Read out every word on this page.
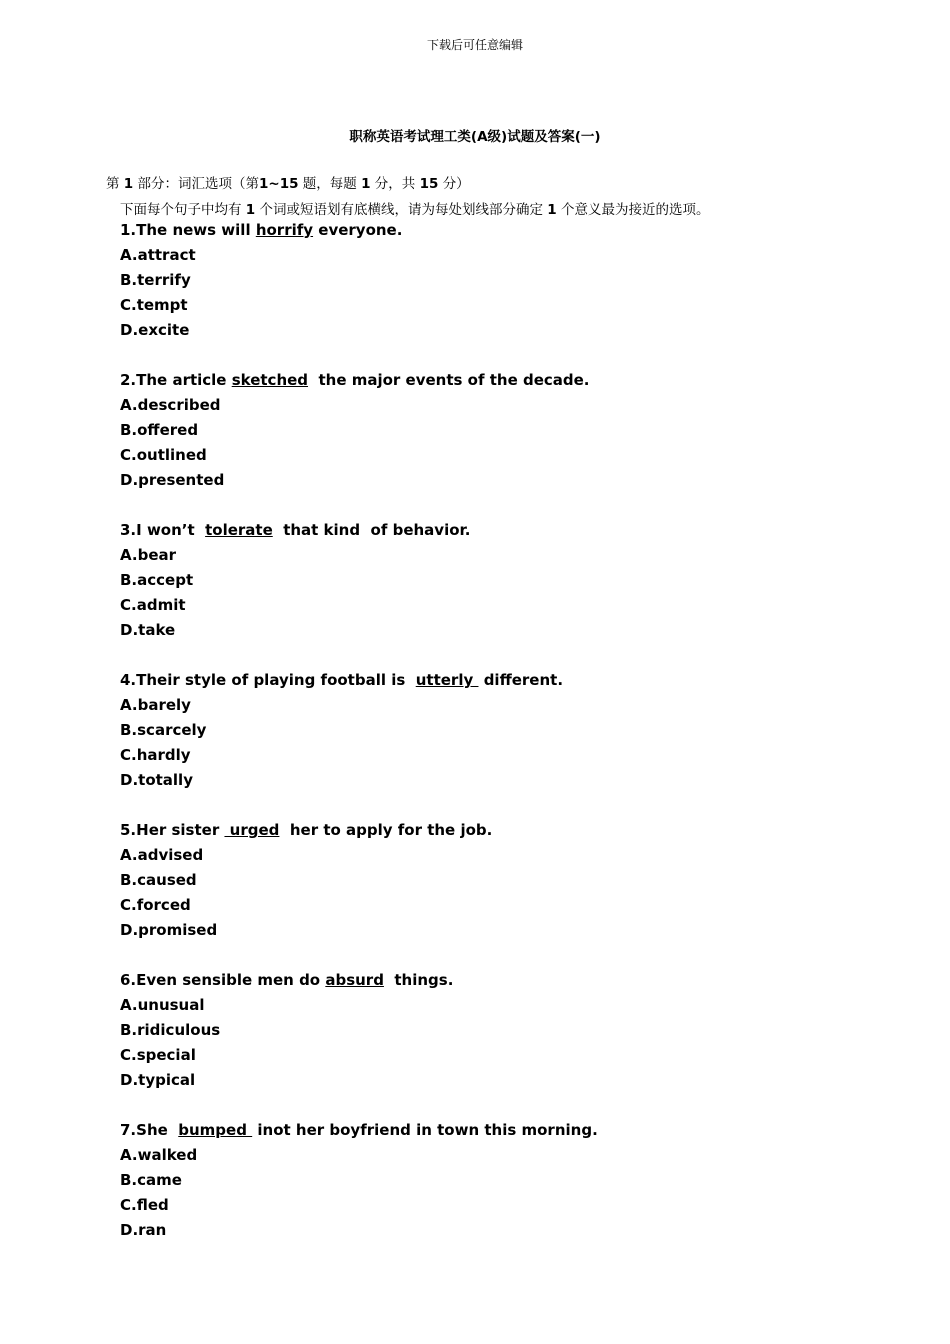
下载后可任意编辑
职称英语考试理工类(A级)试题及答案(一)
第 1 部分：词汇选项（第1~15 题，每题 1 分，共 15 分）
下面每个句子中均有 1 个词或短语划有底横线，请为每处划线部分确定 1 个意义最为接近的选项。
1.The news will horrify everyone.
A.attract
B.terrify
C.tempt
D.excite
2.The article sketched  the major events of the decade.
A.described
B.offered
C.outlined
D.presented
3.I won’t  tolerate  that kind  of behavior.
A.bear
B.accept
C.admit
D.take
4.Their style of playing football is  utterly  different.
A.barely
B.scarcely
C.hardly
D.totally
5.Her sister  urged  her to apply for the job.
A.advised
B.caused
C.forced
D.promised
6.Even sensible men do absurd  things.
A.unusual
B.ridiculous
C.special
D.typical
7.She  bumped  inot her boyfriend in town this morning.
A.walked
B.came
C.fled
D.ran
